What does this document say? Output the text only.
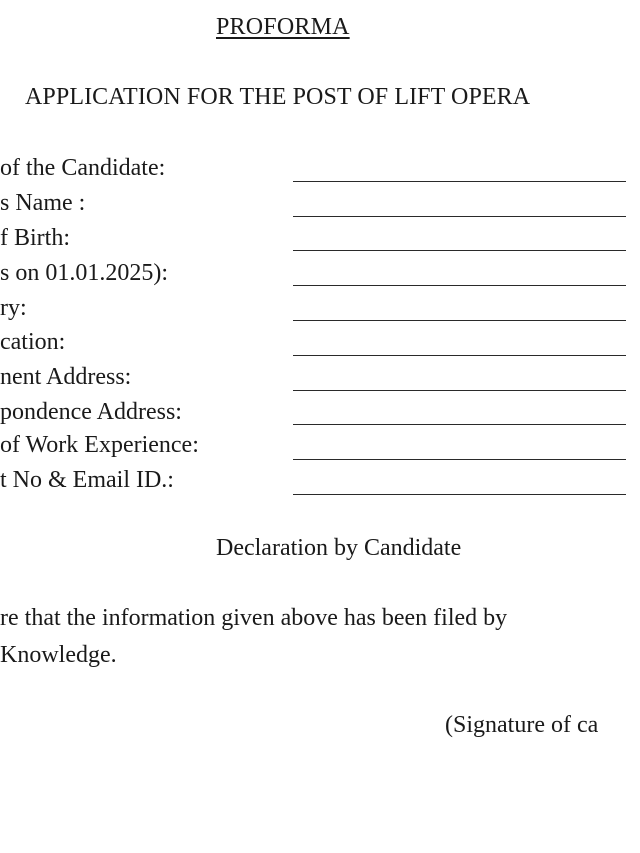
PROFORMA
APPLICATION FOR THE POST OF LIFT OPERA
of the Candidate:
s Name :
f Birth:
s on 01.01.2025):
ry:
cation:
nent Address:
pondence Address:
of Work Experience:
t No & Email ID.:
Declaration by Candidate
re that the information given above has been filed by
Knowledge.
(Signature of ca
